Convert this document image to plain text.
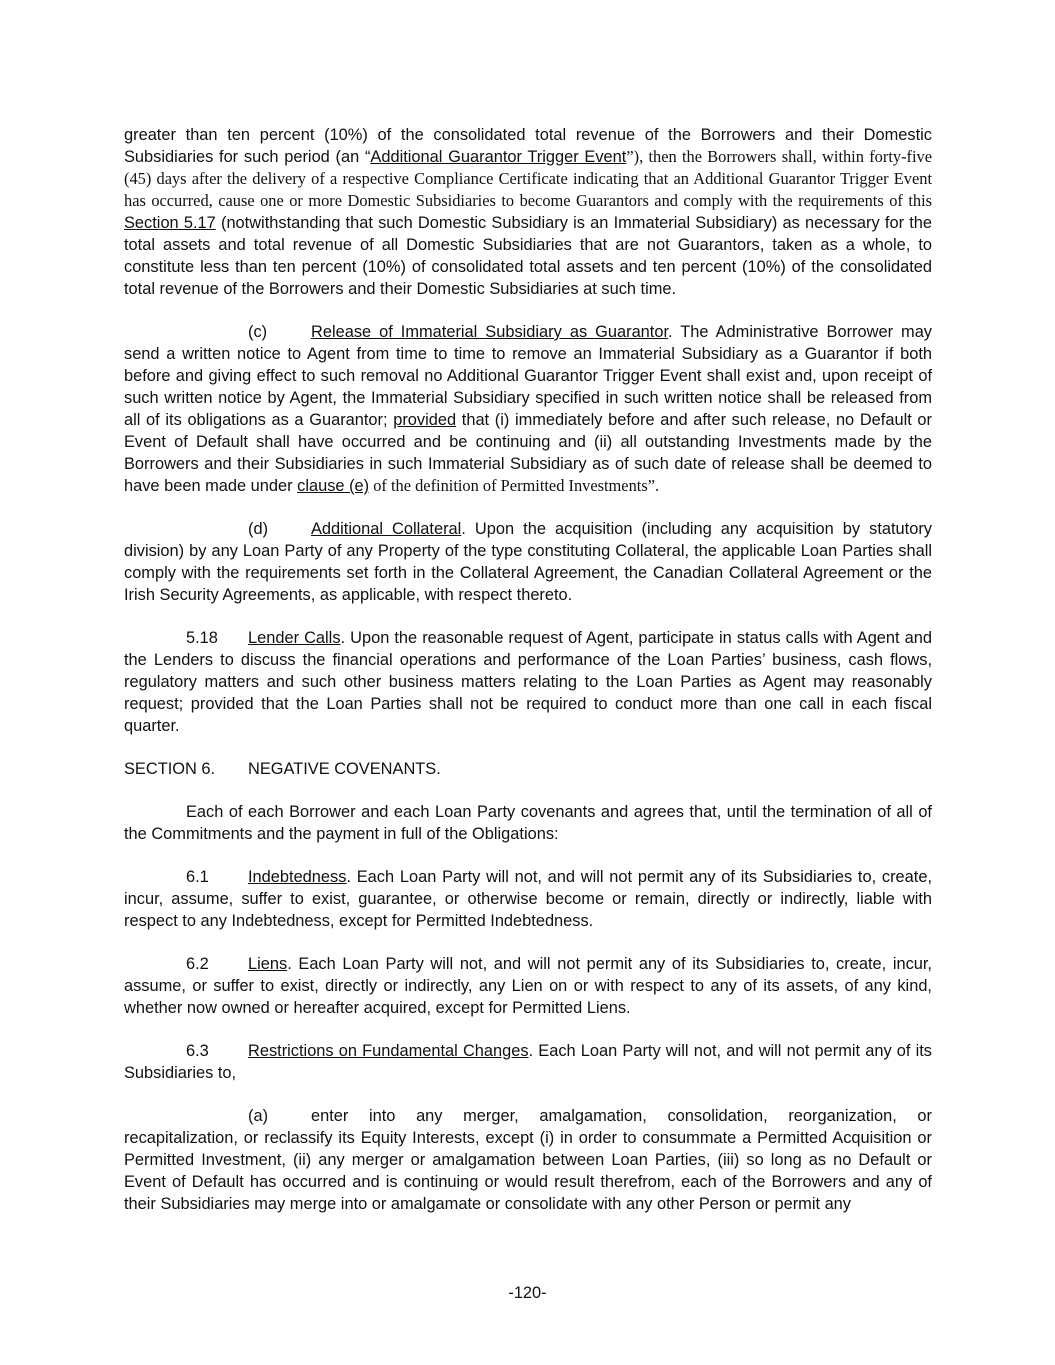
greater than ten percent (10%) of the consolidated total revenue of the Borrowers and their Domestic Subsidiaries for such period (an “Additional Guarantor Trigger Event”), then the Borrowers shall, within forty-five (45) days after the delivery of a respective Compliance Certificate indicating that an Additional Guarantor Trigger Event has occurred, cause one or more Domestic Subsidiaries to become Guarantors and comply with the requirements of this Section 5.17 (notwithstanding that such Domestic Subsidiary is an Immaterial Subsidiary) as necessary for the total assets and total revenue of all Domestic Subsidiaries that are not Guarantors, taken as a whole, to constitute less than ten percent (10%) of consolidated total assets and ten percent (10%) of the consolidated total revenue of the Borrowers and their Domestic Subsidiaries at such time.

(c)	Release of Immaterial Subsidiary as Guarantor. The Administrative Borrower may send a written notice to Agent from time to time to remove an Immaterial Subsidiary as a Guarantor if both before and giving effect to such removal no Additional Guarantor Trigger Event shall exist and, upon receipt of such written notice by Agent, the Immaterial Subsidiary specified in such written notice shall be released from all of its obligations as a Guarantor; provided that (i) immediately before and after such release, no Default or Event of Default shall have occurred and be continuing and (ii) all outstanding Investments made by the Borrowers and their Subsidiaries in such Immaterial Subsidiary as of such date of release shall be deemed to have been made under clause (e) of the definition of Permitted Investments”.

(d)	Additional Collateral. Upon the acquisition (including any acquisition by statutory division) by any Loan Party of any Property of the type constituting Collateral, the applicable Loan Parties shall comply with the requirements set forth in the Collateral Agreement, the Canadian Collateral Agreement or the Irish Security Agreements, as applicable, with respect thereto.

5.18 Lender Calls. Upon the reasonable request of Agent, participate in status calls with Agent and the Lenders to discuss the financial operations and performance of the Loan Parties’ business, cash flows, regulatory matters and such other business matters relating to the Loan Parties as Agent may reasonably request; provided that the Loan Parties shall not be required to conduct more than one call in each fiscal quarter.

SECTION 6. NEGATIVE COVENANTS.

Each of each Borrower and each Loan Party covenants and agrees that, until the termination of all of the Commitments and the payment in full of the Obligations:

6.1 Indebtedness. Each Loan Party will not, and will not permit any of its Subsidiaries to, create, incur, assume, suffer to exist, guarantee, or otherwise become or remain, directly or indirectly, liable with respect to any Indebtedness, except for Permitted Indebtedness.

6.2 Liens. Each Loan Party will not, and will not permit any of its Subsidiaries to, create, incur, assume, or suffer to exist, directly or indirectly, any Lien on or with respect to any of its assets, of any kind, whether now owned or hereafter acquired, except for Permitted Liens.

6.3 Restrictions on Fundamental Changes. Each Loan Party will not, and will not permit any of its Subsidiaries to,

(a)	enter into any merger, amalgamation, consolidation, reorganization, or recapitalization, or reclassify its Equity Interests, except (i) in order to consummate a Permitted Acquisition or Permitted Investment, (ii) any merger or amalgamation between Loan Parties, (iii) so long as no Default or Event of Default has occurred and is continuing or would result therefrom, each of the Borrowers and any of their Subsidiaries may merge into or amalgamate or consolidate with any other Person or permit any

-120-
